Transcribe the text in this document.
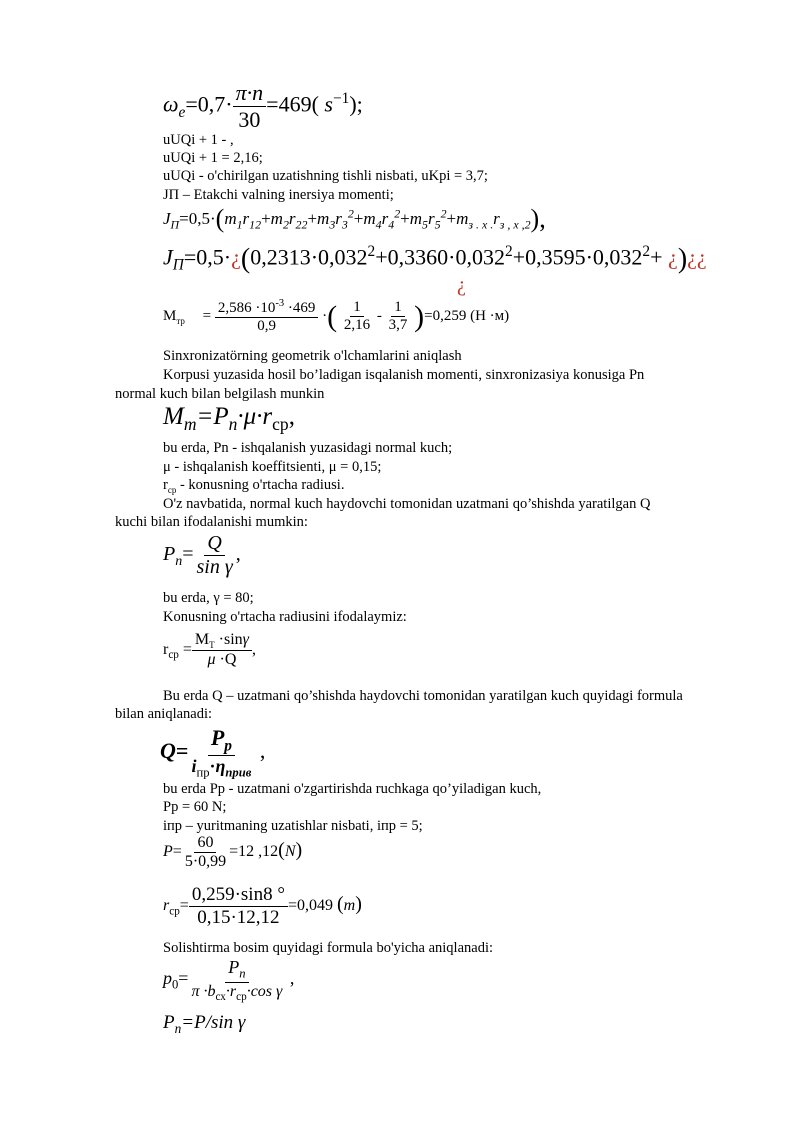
$\omega_e=0,7\cdot \frac{\pi\cdot n}{30} =469$( $s^{-1}$);
uUQi + 1 - ,
uUQi + 1 = 2,16;
uUQi - o'chirilgan uzatishning tishli nisbati, uKpi = 3,7;
JП – Etakchi valning inersiya momenti;
$J_П=0,5\cdot(m_1r_{12}+m_2r_{22}+m_3r_3^2+m_4r_4^2+m_5r_5^2+m_{з . х .}r_{з , х ,2})$,
$J_П=0,5\cdot¿(0,2313\cdot 0,032^2+0,3360\cdot 0,032^2+0,3595\cdot 0,032^2+$ ¿)¿¿
¿
$М_{тр} = \frac{2,586 \cdot 10^{-3} \cdot 469}{0,9}$ ·( $\frac{1}{2,16} - \frac{1}{3,7} )=0,259$ (Н ·м)
Sinxronizatörning geometrik o'lchamlarini aniqlash
Korpusi yuzasida hosil bo’ladigan isqalanish momenti, sinxronizasiya konusiga Pn
normal kuch bilan belgilash munkin
$M_m=P_n\cdot\mu\cdot r_{ср}$,
bu erda, Pn - ishqalanish yuzasidagi normal kuch;
μ - ishqalanish koeffitsienti, μ = 0,15;
$r_{ср}$ - konusning o'rtacha radiusi.
O'z navbatida, normal kuch haydovchi tomonidan uzatmani qo’shishda yaratilgan Q
kuchi bilan ifodalanishi mumkin:
$P_n= \frac{Q}{\text{sin γ}}$ ,
bu erda, γ = 80;
Konusning o'rtacha radiusini ifodalaymiz:
$r_{ср} = \frac{М_Т \cdot\sin\gamma}{\mu \cdot Q}$ ,
Bu erda Q – uzatmani qo’shishda haydovchi tomonidan yaratilgan kuch quyidagi formula
bilan aniqlanadi:
$Q= \frac{P_р}{i_{пр}\cdot\eta_{прив}}$ ,
bu erda Pp - uzatmani o'zgartirishda ruchkaga qo’yiladigan kuch,
Pp = 60 N;
iпр – yuritmaning uzatishlar nisbati, iпр = 5;
$P= \frac{60}{5\cdot 0,99} =12$ ,12(N)
$r_{ср}= \frac{0,259\cdot\sin 8 ^\circ}{0,15\cdot 12,12} =0,049$ (m)
Solishtirma bosim quyidagi formula bo'yicha aniqlanadi:
$p_0= \frac{P_n}{\pi \cdot b_{сх}\cdot r_{ср}\cdot\cos \gamma}$ ,
$P_n=P/\sin$ γ
